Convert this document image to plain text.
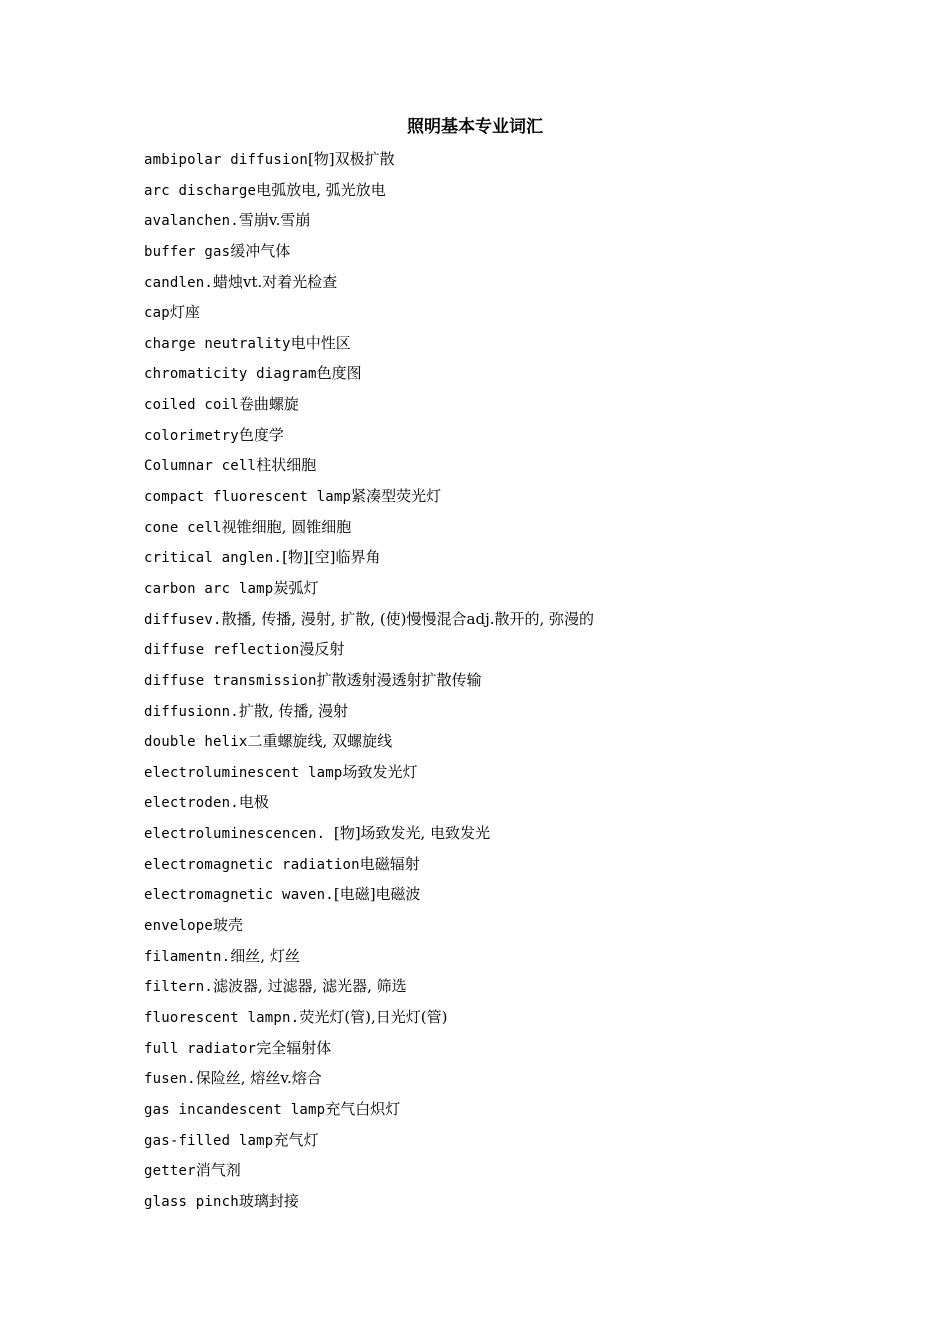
照明基本专业词汇
ambipolar diffusion[物]双极扩散
arc discharge电弧放电, 弧光放电
avalanchen.雪崩v.雪崩
buffer gas缓冲气体
candlen.蜡烛vt.对着光检查
cap灯座
charge neutrality电中性区
chromaticity diagram色度图
coiled coil卷曲螺旋
colorimetry色度学
Columnar cell柱状细胞
compact fluorescent lamp紧凑型荧光灯
cone cell视锥细胞, 圆锥细胞
critical anglen.[物][空]临界角
carbon arc lamp炭弧灯
diffusev.散播, 传播, 漫射, 扩散, (使)慢慢混合adj.散开的, 弥漫的
diffuse reflection漫反射
diffuse transmission扩散透射漫透射扩散传输
diffusionn.扩散, 传播, 漫射
double helix二重螺旋线, 双螺旋线
electroluminescent lamp场致发光灯
electroden.电极
electroluminescencen. [物]场致发光, 电致发光
electromagnetic radiation电磁辐射
electromagnetic waven.[电磁]电磁波
envelope玻壳
filamentn.细丝, 灯丝
filtern.滤波器, 过滤器, 滤光器, 筛选
fluorescent lampn.荧光灯(管),日光灯(管)
full radiator完全辐射体
fusen.保险丝, 熔丝v.熔合
gas incandescent lamp充气白炽灯
gas-filled lamp充气灯
getter消气剂
glass pinch玻璃封接
